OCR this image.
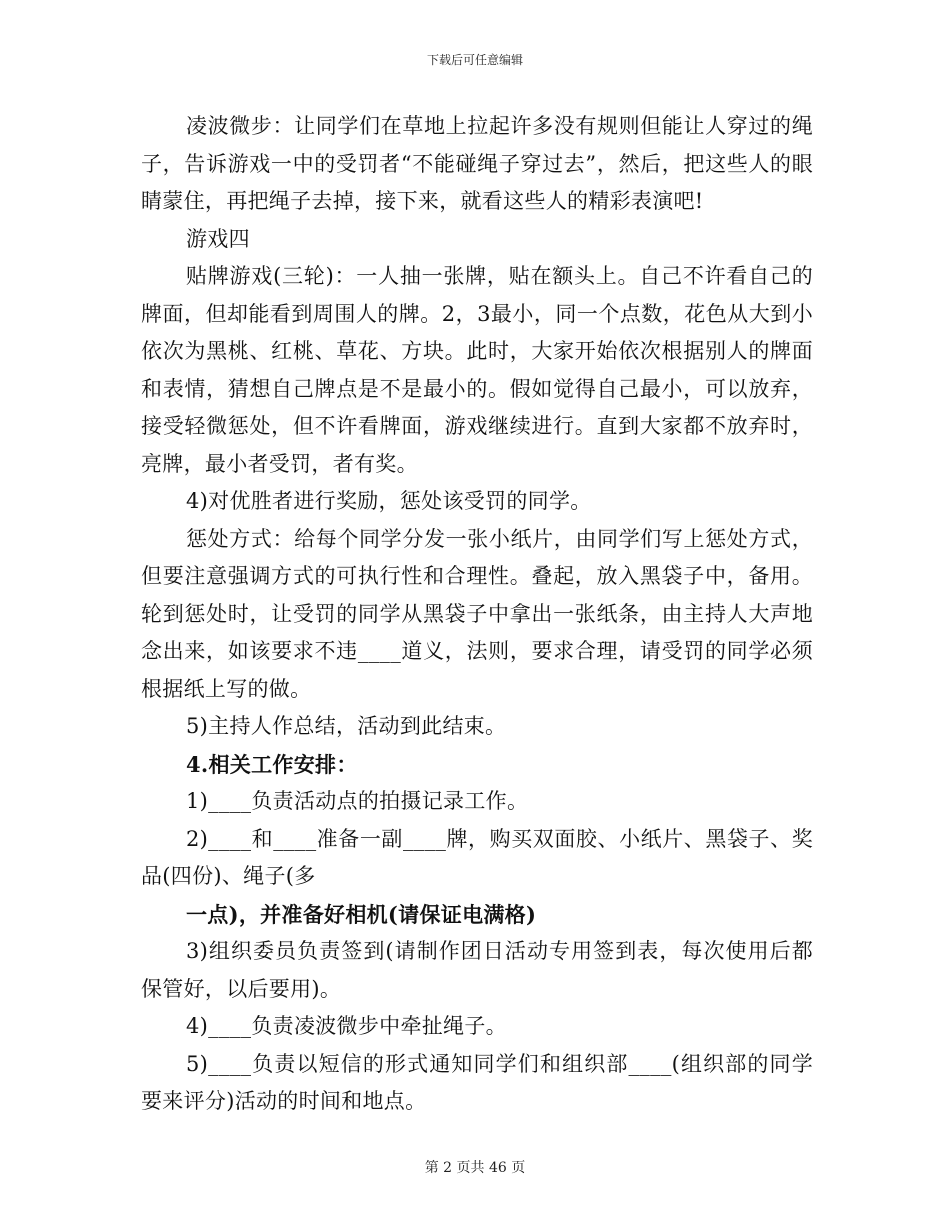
下载后可任意编辑

凌波微步：让同学们在草地上拉起许多没有规则但能让人穿过的绳子，告诉游戏一中的受罚者“不能碰绳子穿过去”，然后，把这些人的眼睛蒙住，再把绳子去掉，接下来，就看这些人的精彩表演吧!

游戏四

贴牌游戏(三轮)：一人抽一张牌，贴在额头上。自己不许看自己的牌面，但却能看到周围人的牌。2，3最小，同一个点数，花色从大到小依次为黑桃、红桃、草花、方块。此时，大家开始依次根据别人的牌面和表情，猜想自己牌点是不是最小的。假如觉得自己最小，可以放弃，接受轻微惩处，但不许看牌面，游戏继续进行。直到大家都不放弃时，亮牌，最小者受罚，者有奖。

4)对优胜者进行奖励，惩处该受罚的同学。

惩处方式：给每个同学分发一张小纸片，由同学们写上惩处方式，但要注意强调方式的可执行性和合理性。叠起，放入黑袋子中，备用。轮到惩处时，让受罚的同学从黑袋子中拿出一张纸条，由主持人大声地念出来，如该要求不违____道义，法则，要求合理，请受罚的同学必须根据纸上写的做。

5)主持人作总结，活动到此结束。

4.相关工作安排：

1)____负责活动点的拍摄记录工作。

2)____和____准备一副____牌，购买双面胶、小纸片、黑袋子、奖品(四份)、绳子(多

一点)，并准备好相机(请保证电满格)

3)组织委员负责签到(请制作团日活动专用签到表，每次使用后都保管好，以后要用)。

4)____负责凌波微步中牵扯绳子。

5)____负责以短信的形式通知同学们和组织部____(组织部的同学要来评分)活动的时间和地点。

第 2 页共 46 页
